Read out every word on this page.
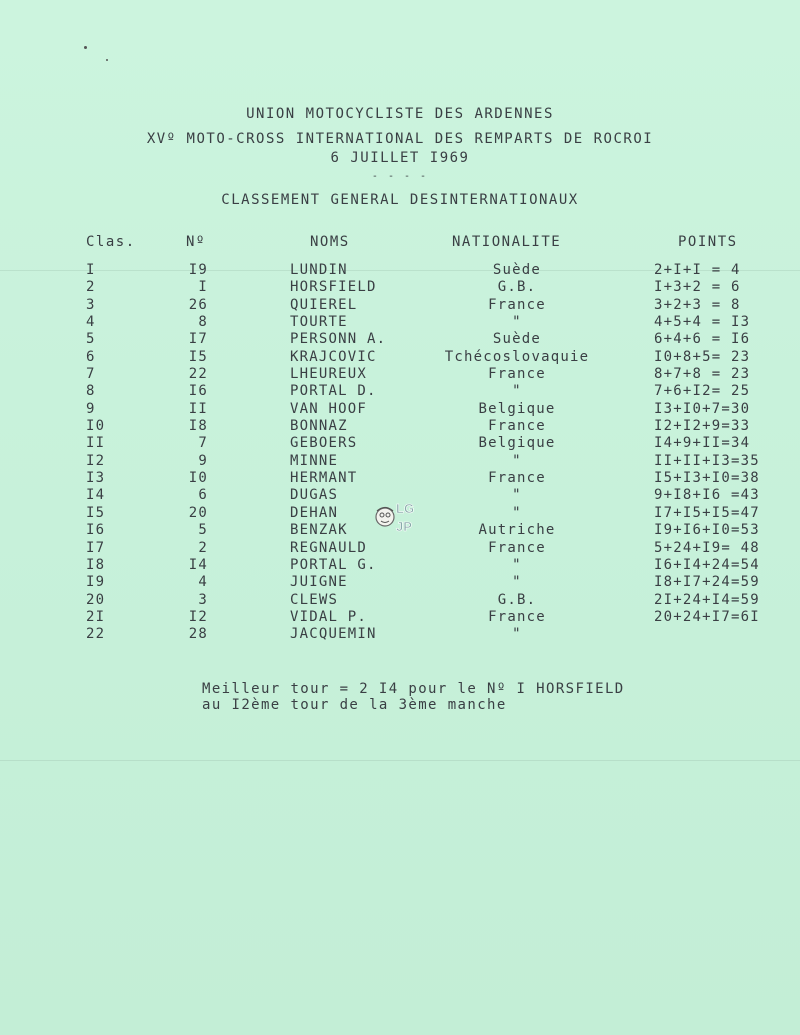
UNION MOTOCYCLISTE DES ARDENNES
XVº MOTO-CROSS INTERNATIONAL DES REMPARTS DE ROCROI
6 JUILLET I969
- - - -
CLASSEMENT GENERAL DESINTERNATIONAUX
Clas.	Nº	NOMS	NATIONALITE	POINTS
I	I9	LUNDIN	Suède	2+I+I = 4
2	I	HORSFIELD	G.B.	I+3+2 = 6
3	26	QUIEREL	France	3+2+3 = 8
4	8	TOURTE	"	4+5+4 = I3
5	I7	PERSONN A.	Suède	6+4+6 = I6
6	I5	KRAJCOVIC	Tchécoslovaquie	I0+8+5= 23
7	22	LHEUREUX	France	8+7+8 = 23
8	I6	PORTAL D.	"	7+6+I2= 25
9	II	VAN HOOF	Belgique	I3+I0+7=30
I0	I8	BONNAZ	France	I2+I2+9=33
II	7	GEBOERS	Belgique	I4+9+II=34
I2	9	MINNE	"	II+II+I3=35
I3	I0	HERMANT	France	I5+I3+I0=38
I4	6	DUGAS	"	9+I8+I6 =43
I5	20	DEHAN	"	I7+I5+I5=47
I6	5	BENZAK	Autriche	I9+I6+I0=53
I7	2	REGNAULD	France	5+24+I9= 48
I8	I4	PORTAL G.	"	I6+I4+24=54
I9	4	JUIGNE	"	I8+I7+24=59
20	3	CLEWS	G.B.	2I+24+I4=59
2I	I2	VIDAL P.	France	20+24+I7=6I
22	28	JACQUEMIN	"
LG
JP
Meilleur tour = 2 I4 pour le Nº I HORSFIELD
au I2ème tour de la 3ème manche
